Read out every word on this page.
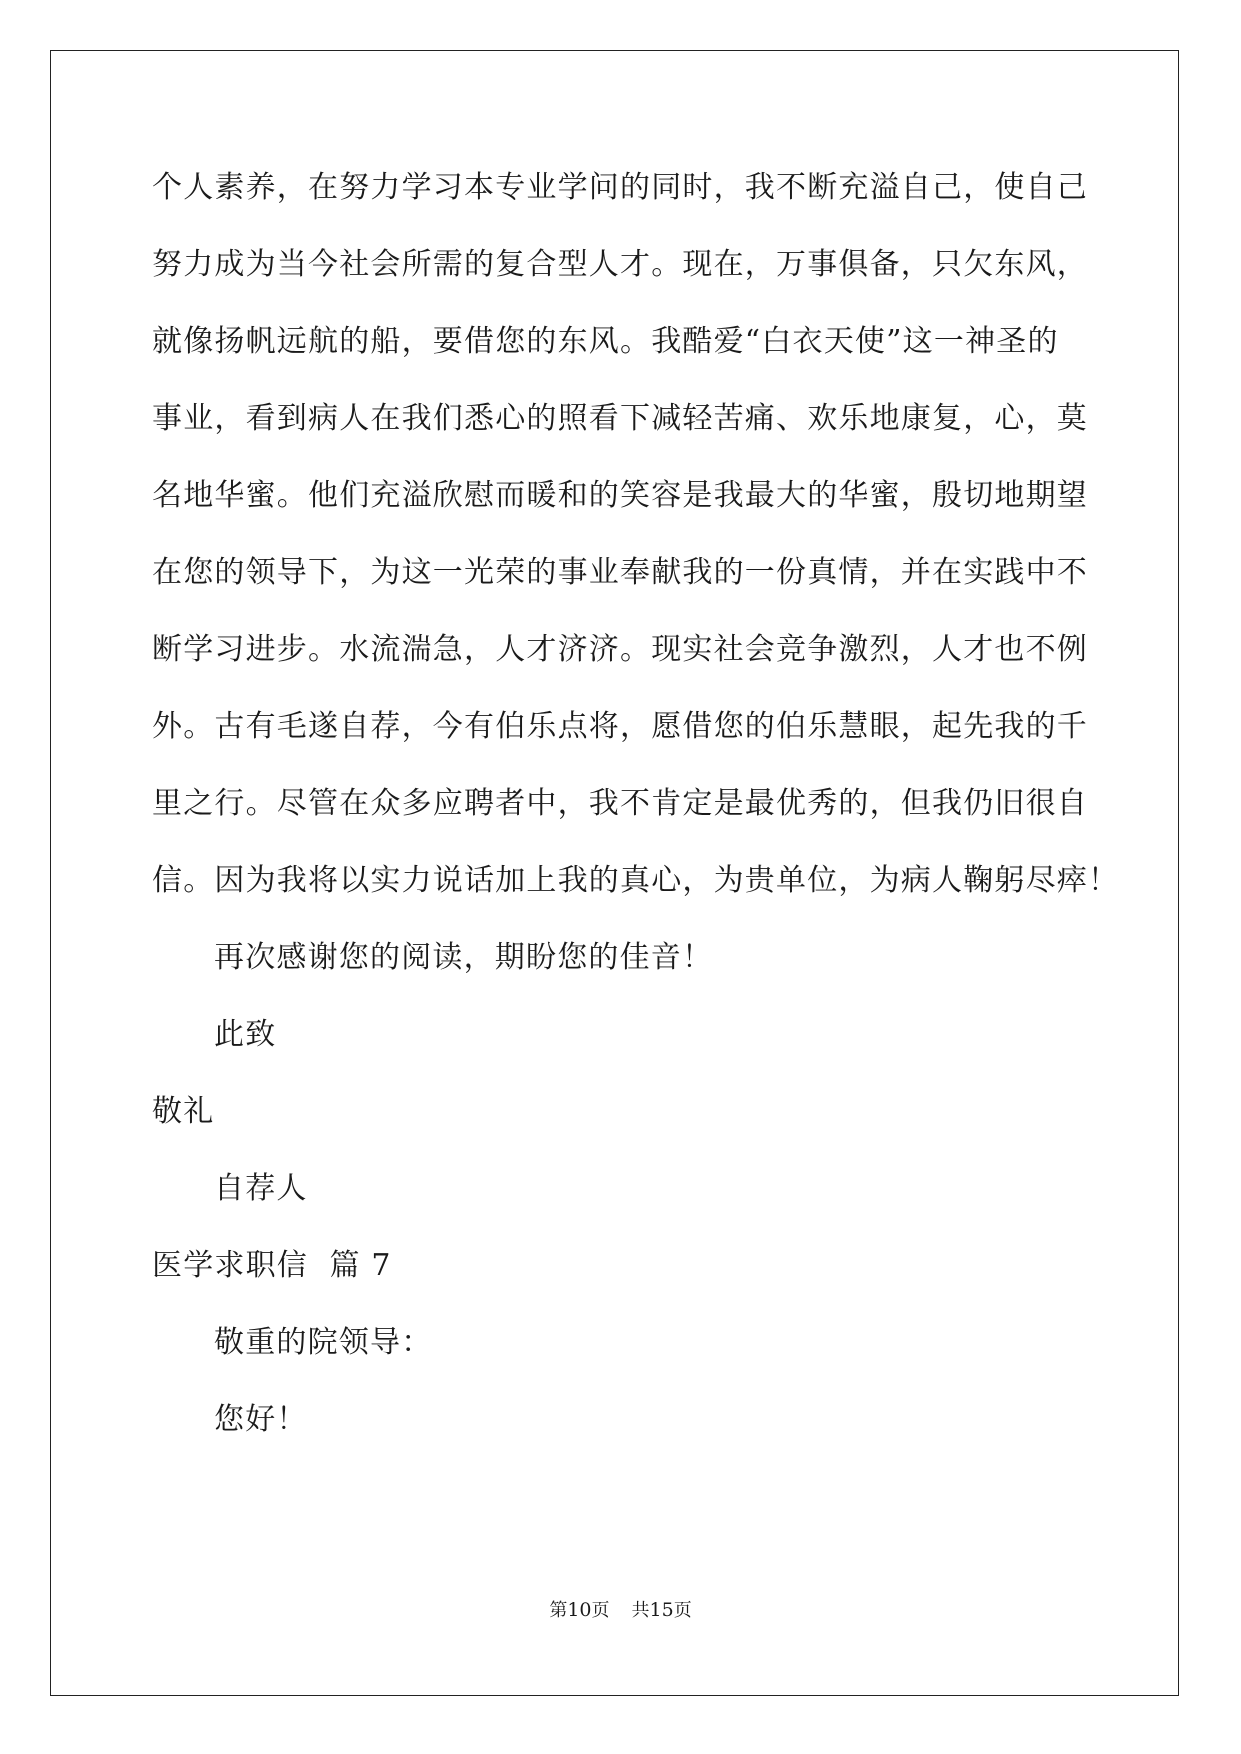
个人素养，在努力学习本专业学问的同时，我不断充溢自己，使自己
努力成为当今社会所需的复合型人才。现在，万事俱备，只欠东风，
就像扬帆远航的船，要借您的东风。我酷爱“白衣天使”这一神圣的
事业，看到病人在我们悉心的照看下减轻苦痛、欢乐地康复，心，莫
名地华蜜。他们充溢欣慰而暖和的笑容是我最大的华蜜，殷切地期望
在您的领导下，为这一光荣的事业奉献我的一份真情，并在实践中不
断学习进步。水流湍急，人才济济。现实社会竞争激烈，人才也不例
外。古有毛遂自荐，今有伯乐点将，愿借您的伯乐慧眼，起先我的千
里之行。尽管在众多应聘者中，我不肯定是最优秀的，但我仍旧很自
信。因为我将以实力说话加上我的真心，为贵单位，为病人鞠躬尽瘁！
再次感谢您的阅读，期盼您的佳音！
此致
敬礼
自荐人
医学求职信  篇 7
敬重的院领导：
您好！
第10页 共15页
